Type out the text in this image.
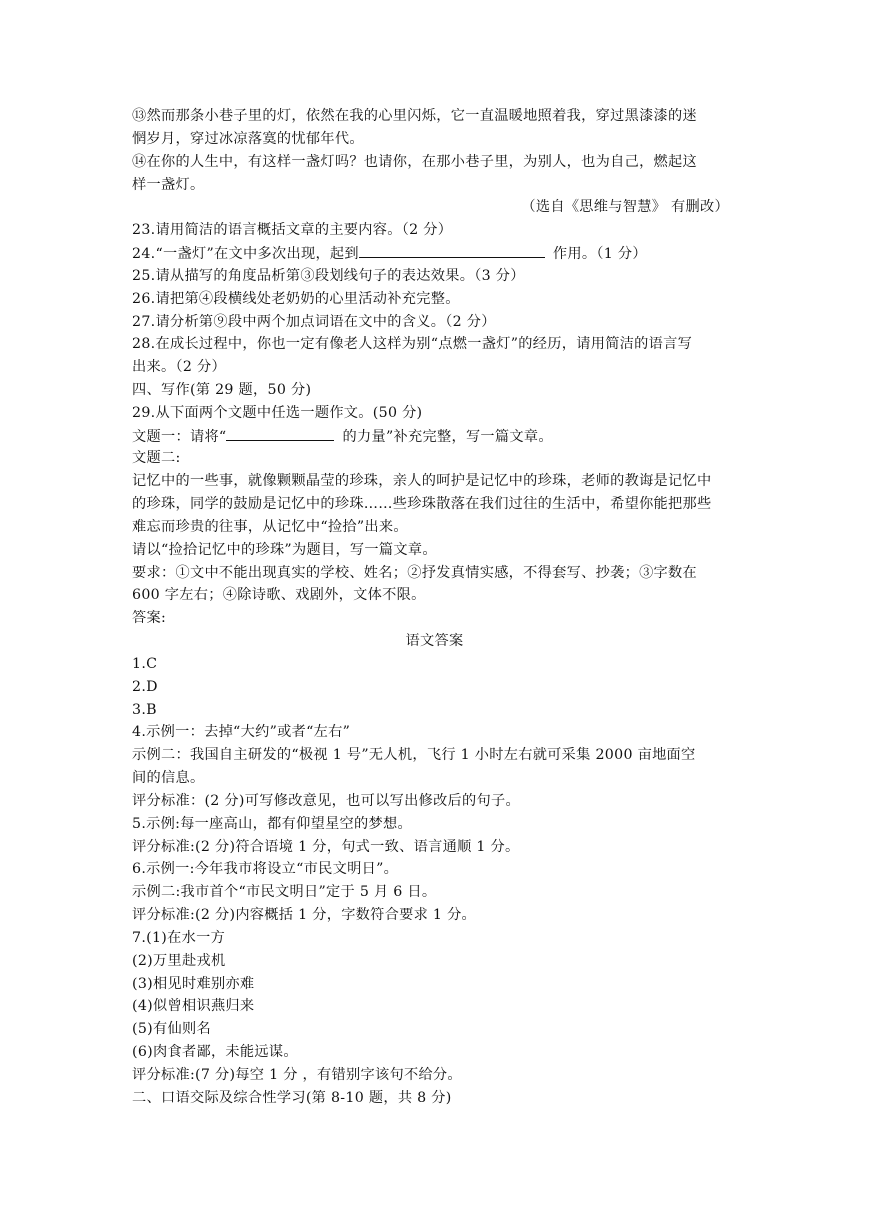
⑬然而那条小巷子里的灯，依然在我的心里闪烁，它一直温暖地照着我，穿过黑漆漆的迷
惘岁月，穿过冰凉落寞的忧郁年代。
⑭在你的人生中，有这样一盏灯吗？也请你，在那小巷子里，为别人，也为自己，燃起这
样一盏灯。
（选自《思维与智慧》 有删改）
23.请用简洁的语言概括文章的主要内容。（2 分）
24.“一盏灯”在文中多次出现，起到	作用。（1 分）
25.请从描写的角度品析第③段划线句子的表达效果。（3 分）
26.请把第④段横线处老奶奶的心里活动补充完整。
27.请分析第⑨段中两个加点词语在文中的含义。（2 分）
28.在成长过程中，你也一定有像老人这样为别“点燃一盏灯”的经历，请用简洁的语言写
出来。（2 分）
四、写作(第 29 题，50 分)
29.从下面两个文题中任选一题作文。(50 分)
文题一：请将“	的力量”补充完整，写一篇文章。
文题二:
记忆中的一些事，就像颗颗晶莹的珍珠，亲人的呵护是记忆中的珍珠，老师的教诲是记忆中
的珍珠，同学的鼓励是记忆中的珍珠……些珍珠散落在我们过往的生活中，希望你能把那些
难忘而珍贵的往事，从记忆中“捡拾”出来。
请以“捡拾记忆中的珍珠”为题目，写一篇文章。
要求：①文中不能出现真实的学校、姓名；②抒发真情实感，不得套写、抄袭；③字数在
600 字左右；④除诗歌、戏剧外，文体不限。
答案:
语文答案
1.C
2.D
3.B
4.示例一：去掉“大约”或者“左右”
示例二：我国自主研发的“极视 1 号”无人机，飞行 1 小时左右就可采集 2000 亩地面空
间的信息。
评分标准：(2 分)可写修改意见，也可以写出修改后的句子。
5.示例:每一座高山，都有仰望星空的梦想。
评分标准:(2 分)符合语境 1 分，句式一致、语言通顺 1 分。
6.示例一:今年我市将设立“市民文明日”。
示例二:我市首个“市民文明日”定于 5 月 6 日。
评分标准:(2 分)内容概括 1 分，字数符合要求 1 分。
7.(1)在水一方
(2)万里赴戎机
(3)相见时难别亦难
(4)似曾相识燕归来
(5)有仙则名
(6)肉食者鄙，未能远谋。
评分标准:(7 分)每空 1 分 ，有错别字该句不给分。
二、口语交际及综合性学习(第 8-10 题，共 8 分)
